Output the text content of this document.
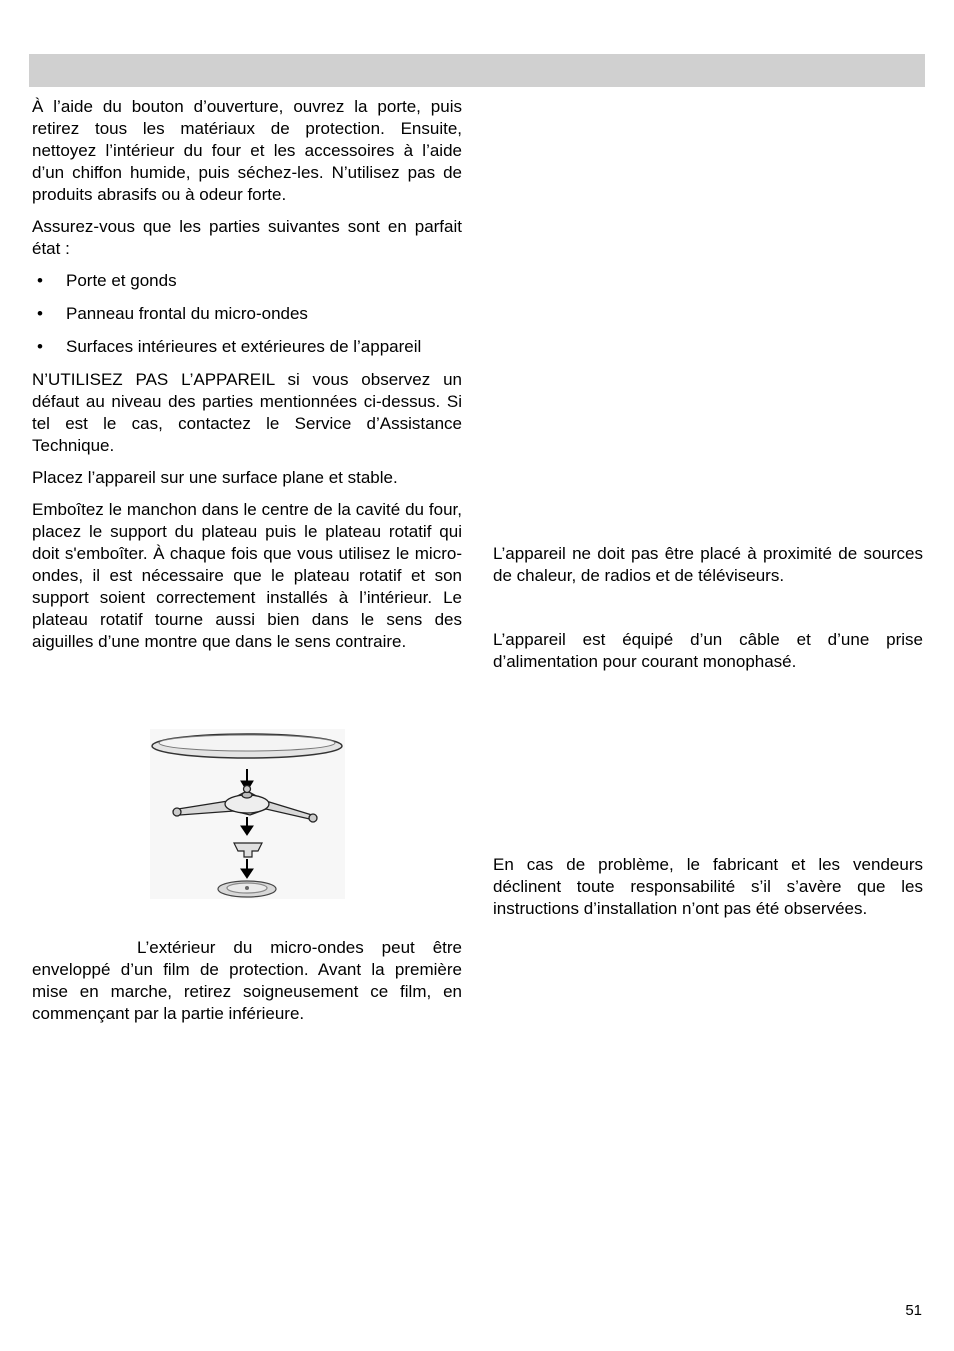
À l’aide du bouton d’ouverture, ouvrez la porte, puis retirez tous les matériaux de protection. Ensuite, nettoyez l’intérieur du four et les accessoires à l’aide d’un chiffon humide, puis séchez-les. N’utilisez pas de produits abrasifs ou à odeur forte.

Assurez-vous que les parties suivantes sont en parfait état :

• Porte et gonds
• Panneau frontal du micro-ondes
• Surfaces intérieures et extérieures de l’appareil

N’UTILISEZ PAS L’APPAREIL si vous observez un défaut au niveau des parties mentionnées ci-dessus. Si tel est le cas, contactez le Service d’Assistance Technique.

Placez l’appareil sur une surface plane et stable.

Emboîtez le manchon dans le centre de la cavité du four, placez le support du plateau puis le plateau rotatif qui doit s'emboîter. À chaque fois que vous utilisez le micro-ondes, il est nécessaire que le plateau rotatif et son support soient correctement installés à l’intérieur. Le plateau rotatif tourne aussi bien dans le sens des aiguilles d’une montre que dans le sens contraire.

L’extérieur du micro-ondes peut être enveloppé d’un film de protection. Avant la première mise en marche, retirez soigneusement ce film, en commençant par la partie inférieure.

L’appareil ne doit pas être placé à proximité de sources de chaleur, de radios et de téléviseurs.

L’appareil est équipé d’un câble et d’une prise d’alimentation pour courant monophasé.

En cas de problème, le fabricant et les vendeurs déclinent toute responsabilité s’il s’avère que les instructions d’installation n’ont pas été observées.

51
